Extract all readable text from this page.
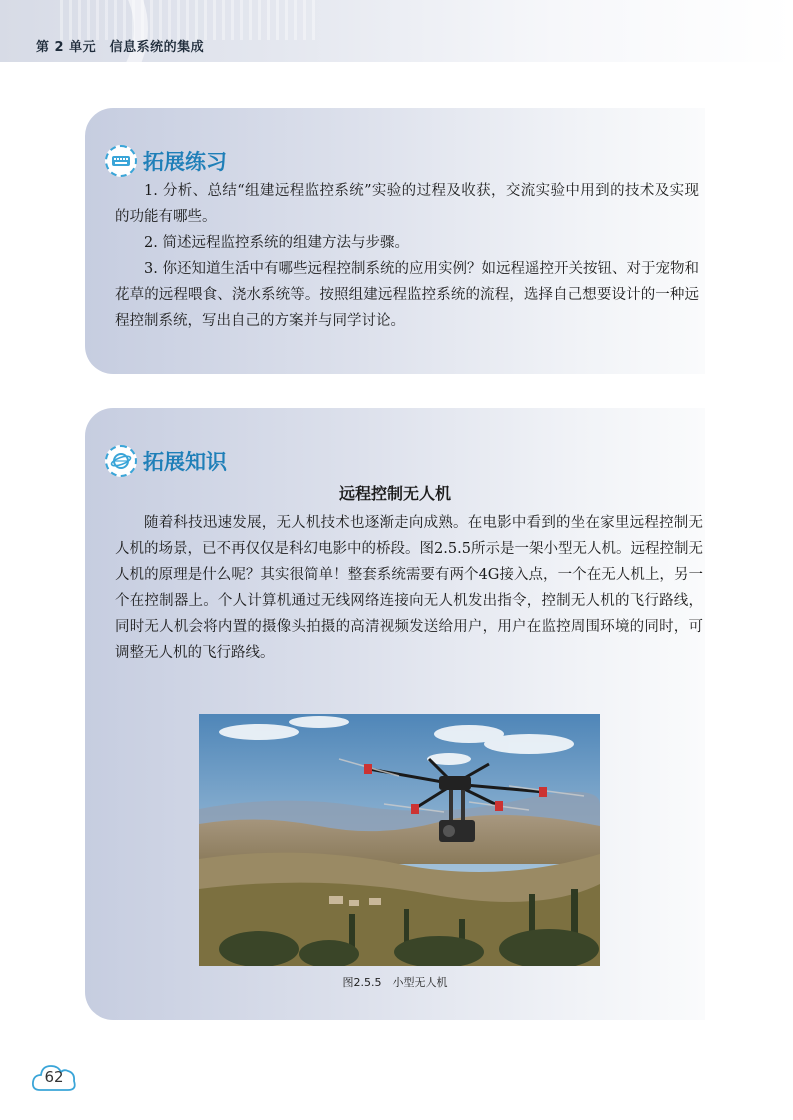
第 2 单元　信息系统的集成
拓展练习

1. 分析、总结“组建远程监控系统”实验的过程及收获，交流实验中用到的技术及实现的功能有哪些。

2. 简述远程监控系统的组建方法与步骤。

3. 你还知道生活中有哪些远程控制系统的应用实例？如远程遥控开关按钮、对于宠物和花草的远程喂食、浇水系统等。按照组建远程监控系统的流程，选择自己想要设计的一种远程控制系统，写出自己的方案并与同学讨论。

拓展知识
远程控制无人机

随着科技迅速发展，无人机技术也逐渐走向成熟。在电影中看到的坐在家里远程控制无人机的场景，已不再仅仅是科幻电影中的桥段。图2.5.5所示是一架小型无人机。远程控制无人机的原理是什么呢？其实很简单！整套系统需要有两个4G接入点，一个在无人机上，另一个在控制器上。个人计算机通过无线网络连接向无人机发出指令，控制无人机的飞行路线，同时无人机会将内置的摄像头拍摄的高清视频发送给用户，用户在监控周围环境的同时，可调整无人机的飞行路线。

图2.5.5　小型无人机
62
